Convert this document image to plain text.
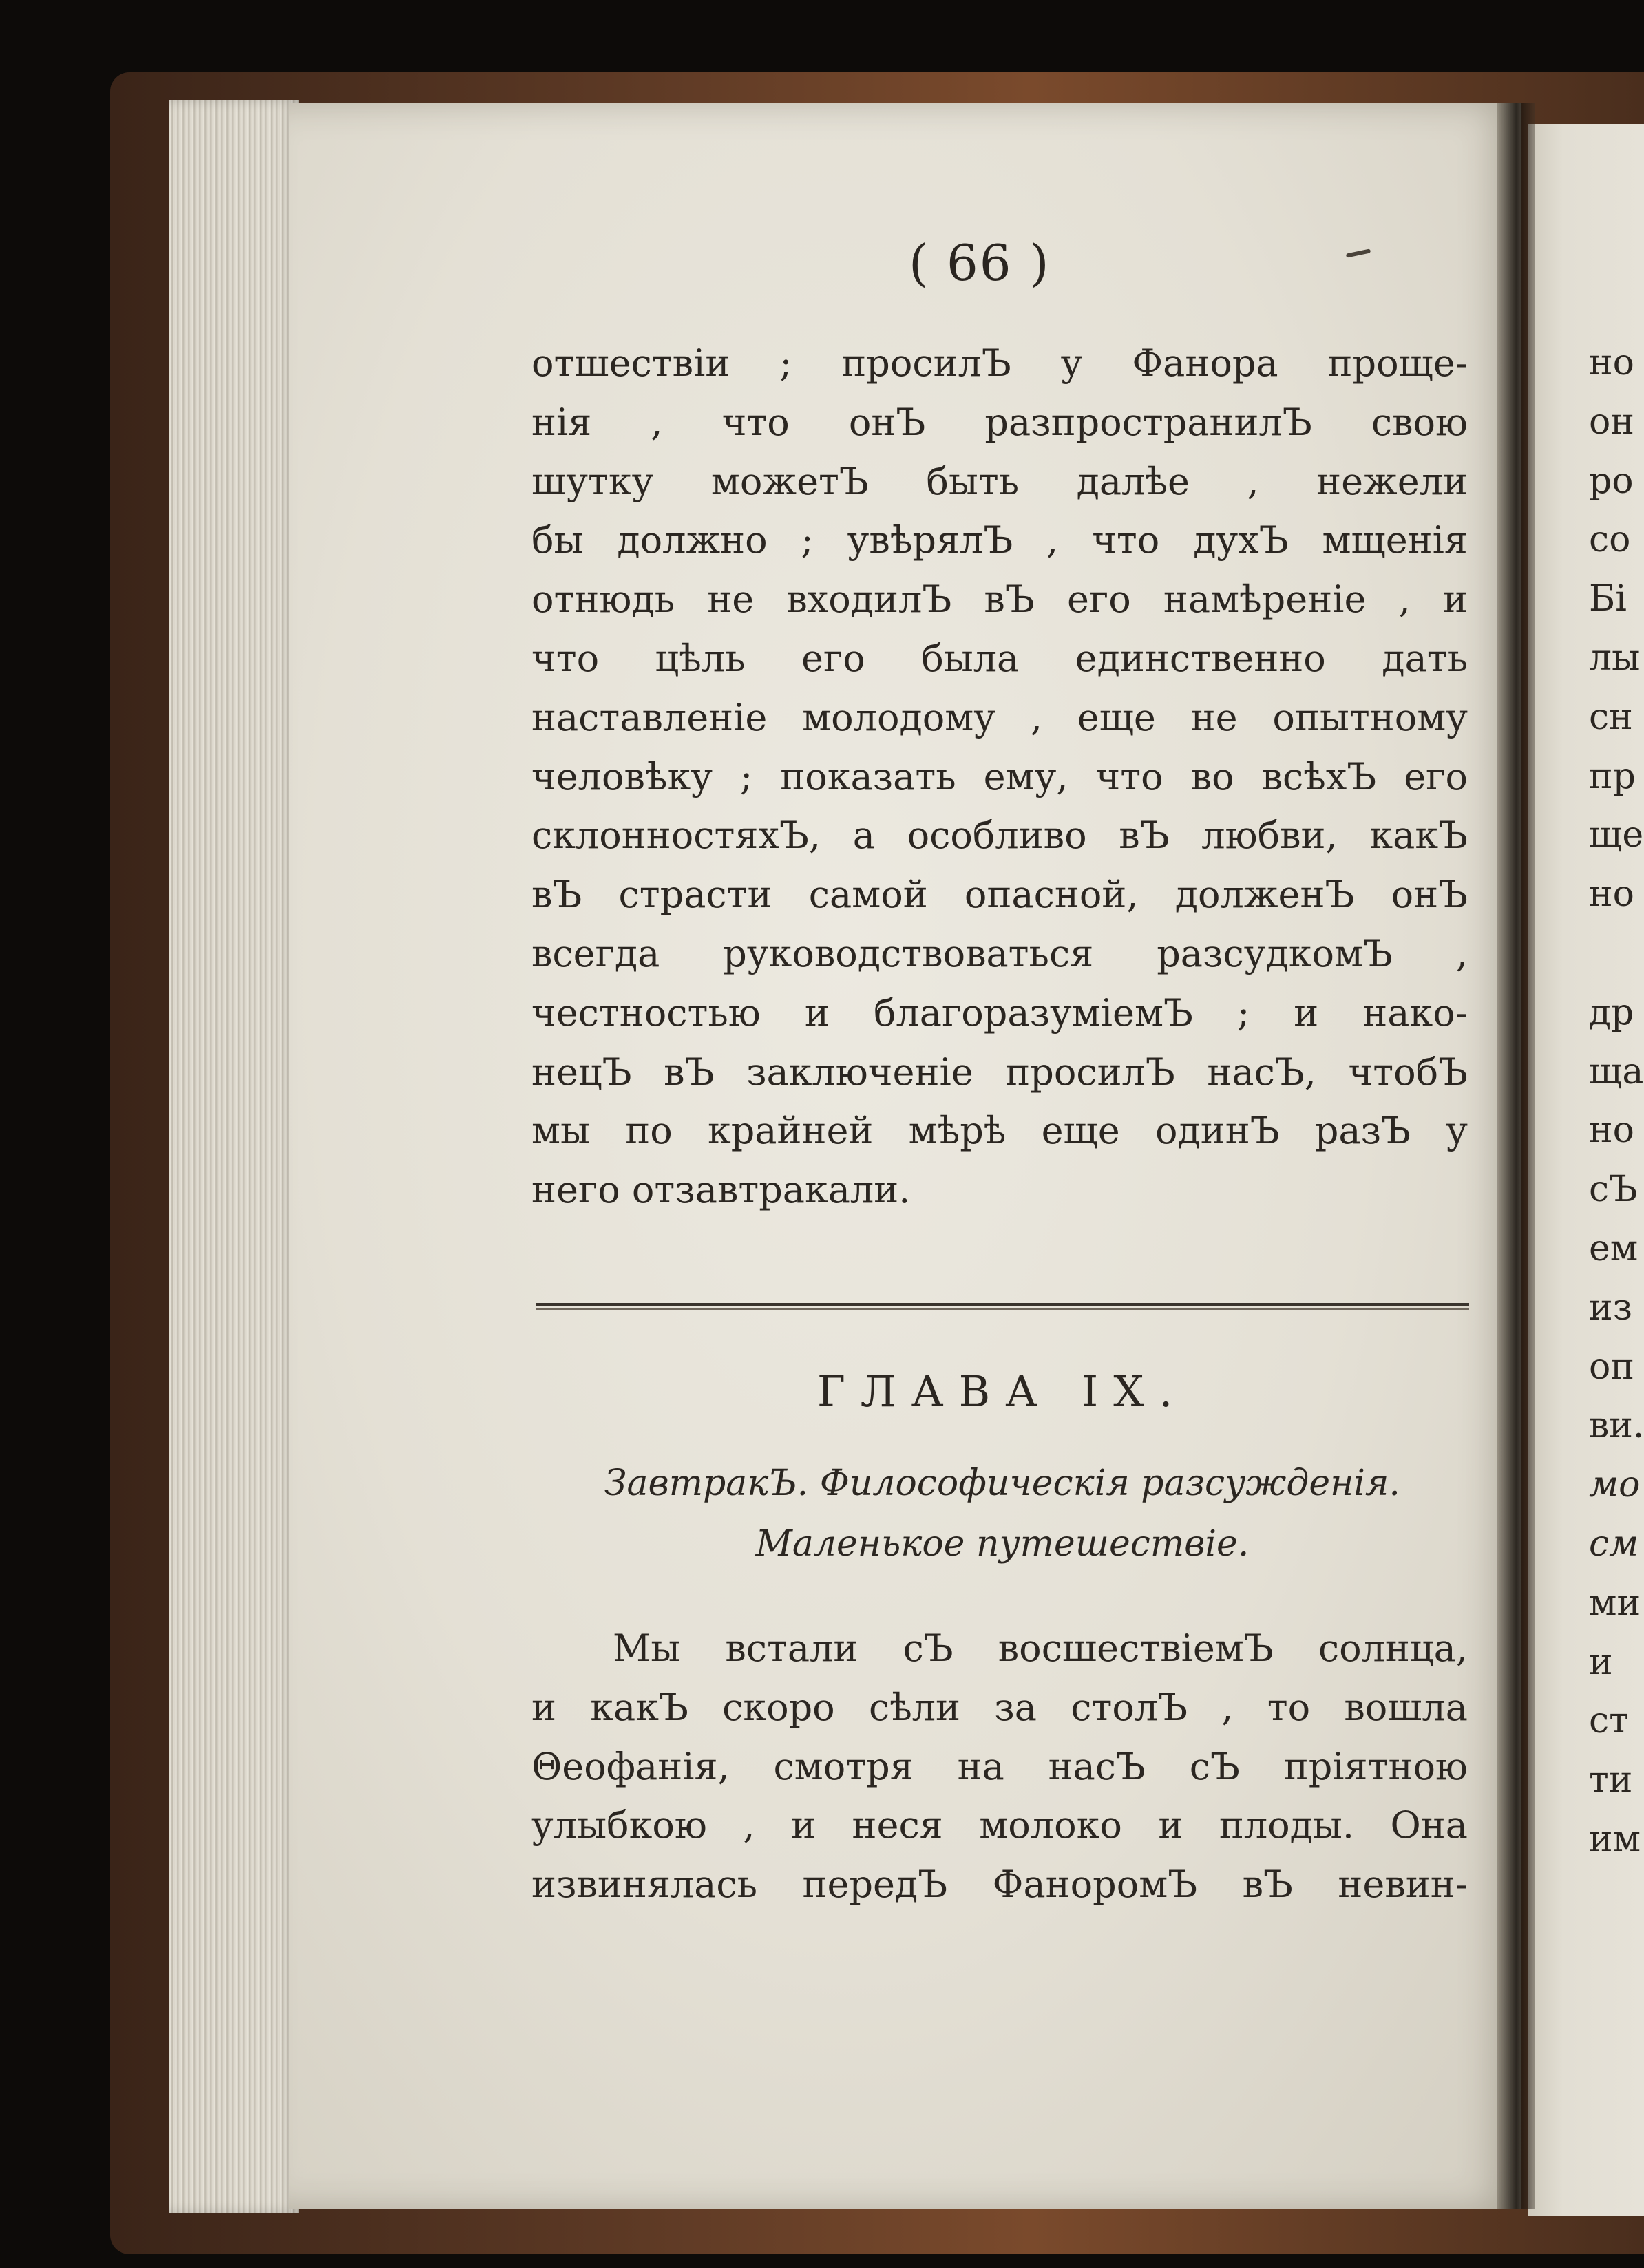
( 66 )
отшествіи ; просилЪ у Фанора проще-
нія , что онЪ разпространилЪ свою
шутку можетЪ быть далѣе , нежели
бы должно ; увѣрялЪ , что духЪ мщенія
отнюдь не входилЪ вЪ его намѣреніе , и
что цѣль его была единственно дать
наставленіе молодому , еще не опытному
человѣку ; показать ему, что во всѣхЪ его
склонностяхЪ, а особливо вЪ любви, какЪ
вЪ страсти самой опасной, долженЪ онЪ
всегда руководствоваться разсудкомЪ ,
честностью и благоразуміемЪ ; и нако-
нецЪ вЪ заключеніе просилЪ насЪ, чтобЪ
мы по крайней мѣрѣ еще одинЪ разЪ у
него отзавтракали.
ГЛАВА IX.
ЗавтракЪ. Философическія разсужденія.
Маленькое путешествіе.
Мы встали сЪ восшествіемЪ солнца,
и какЪ скоро сѣли за столЪ , то вошла
Θеофанія, смотря на насЪ сЪ пріятною
улыбкою , и неся молоко и плоды. Она
извинялась передЪ ФаноромЪ вЪ невин-
но
он
ро
со
Бі
лы
сн
пр
ще
но
др
ща
но
сЪ
ем
из
оп
ви.
мо
см
ми
и
ст
ти
им
